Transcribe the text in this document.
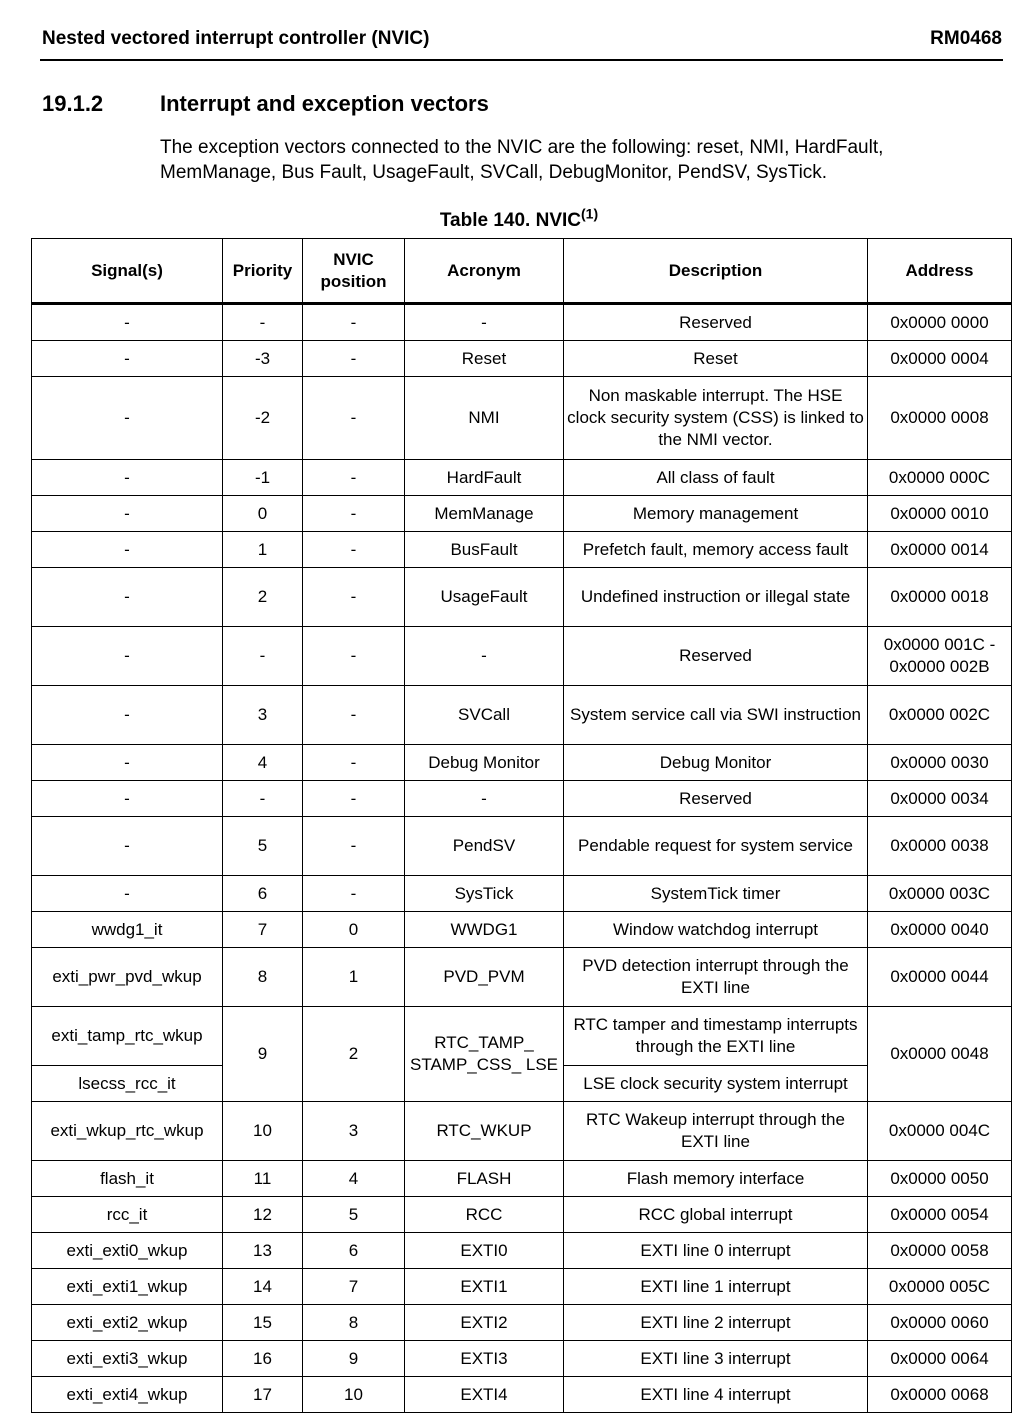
Nested vectored interrupt controller (NVIC)	RM0468
19.1.2	Interrupt and exception vectors

The exception vectors connected to the NVIC are the following: reset, NMI, HardFault, MemManage, Bus Fault, UsageFault, SVCall, DebugMonitor, PendSV, SysTick.

Table 140. NVIC$^{(1)}$
Signal(s)	Priority	NVIC position	Acronym	Description	Address
-	-	-	-	Reserved	0x0000 0000
-	-3	-	Reset	Reset	0x0000 0004
-	-2	-	NMI	Non maskable interrupt. The HSE clock security system (CSS) is linked to the NMI vector.	0x0000 0008
-	-1	-	HardFault	All class of fault	0x0000 000C
-	0	-	MemManage	Memory management	0x0000 0010
-	1	-	BusFault	Prefetch fault, memory access fault	0x0000 0014
-	2	-	UsageFault	Undefined instruction or illegal state	0x0000 0018
-	-	-	-	Reserved	0x0000 001C - 0x0000 002B
-	3	-	SVCall	System service call via SWI instruction	0x0000 002C
-	4	-	Debug Monitor	Debug Monitor	0x0000 0030
-	-	-	-	Reserved	0x0000 0034
-	5	-	PendSV	Pendable request for system service	0x0000 0038
-	6	-	SysTick	SystemTick timer	0x0000 003C
wwdg1_it	7	0	WWDG1	Window watchdog interrupt	0x0000 0040
exti_pwr_pvd_wkup	8	1	PVD_PVM	PVD detection interrupt through the EXTI line	0x0000 0044
exti_tamp_rtc_wkup	9	2	RTC_TAMP_ STAMP_CSS_ LSE	RTC tamper and timestamp interrupts through the EXTI line	0x0000 0048
lsecss_rcc_it				LSE clock security system interrupt	
exti_wkup_rtc_wkup	10	3	RTC_WKUP	RTC Wakeup interrupt through the EXTI line	0x0000 004C
flash_it	11	4	FLASH	Flash memory interface	0x0000 0050
rcc_it	12	5	RCC	RCC global interrupt	0x0000 0054
exti_exti0_wkup	13	6	EXTI0	EXTI line 0 interrupt	0x0000 0058
exti_exti1_wkup	14	7	EXTI1	EXTI line 1 interrupt	0x0000 005C
exti_exti2_wkup	15	8	EXTI2	EXTI line 2 interrupt	0x0000 0060
exti_exti3_wkup	16	9	EXTI3	EXTI line 3 interrupt	0x0000 0064
exti_exti4_wkup	17	10	EXTI4	EXTI line 4 interrupt	0x0000 0068
